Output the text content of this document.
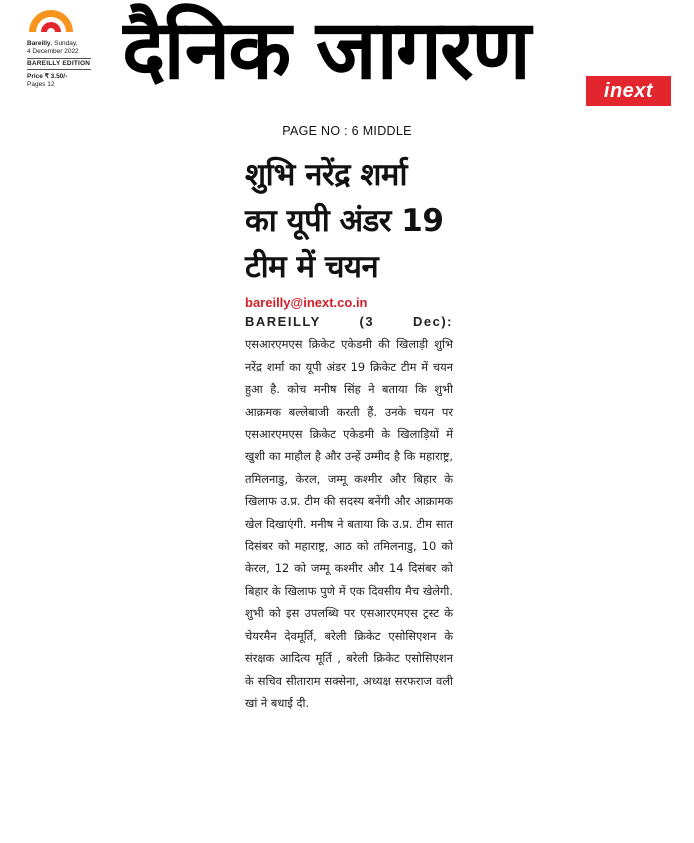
Bareilly, Sunday,
4 December 2022
BAREILLY EDITION
Price ₹ 3.50/-
Pages 12 दैनिक जागरण	inext
PAGE NO : 6 MIDDLE
शुभि नरेंद्र शर्मा
का यूपी अंडर 19
टीम में चयन
bareilly@inext.co.in

BAREILLY (3 Dec): एसआरएमएस क्रिकेट एकेडमी की खिलाड़ी शुभि नरेंद्र शर्मा का यूपी अंडर 19 क्रिकेट टीम में चयन हुआ है. कोच मनीष सिंह ने बताया कि शुभी आक्रमक बल्लेबाजी करती हैं. उनके चयन पर एसआरएमएस क्रिकेट एकेडमी के खिलाड़ियों में खुशी का माहौल है और उन्हें उम्मीद है कि महाराष्ट्र, तमिलनाडु, केरल, जम्मू कश्मीर और बिहार के खिलाफ उ.प्र. टीम की सदस्य बनेंगी और आक्रामक खेल दिखाएंगी. मनीष ने बताया कि उ.प्र. टीम सात दिसंबर को महाराष्ट्र, आठ को तमिलनाडु, 10 को केरल, 12 को जम्मू कश्मीर और 14 दिसंबर को बिहार के खिलाफ पुणे में एक दिवसीय मैच खेलेगी. शुभी को इस उपलब्धि पर एसआरएमएस ट्रस्ट के चेयरमैन देवमूर्ति, बरेली क्रिकेट एसोसिएशन के संरक्षक आदित्य मूर्ति , बरेली क्रिकेट एसोसिएशन के सचिव सीताराम सक्सेना, अध्यक्ष सरफराज वली खां ने बधाई दी.
